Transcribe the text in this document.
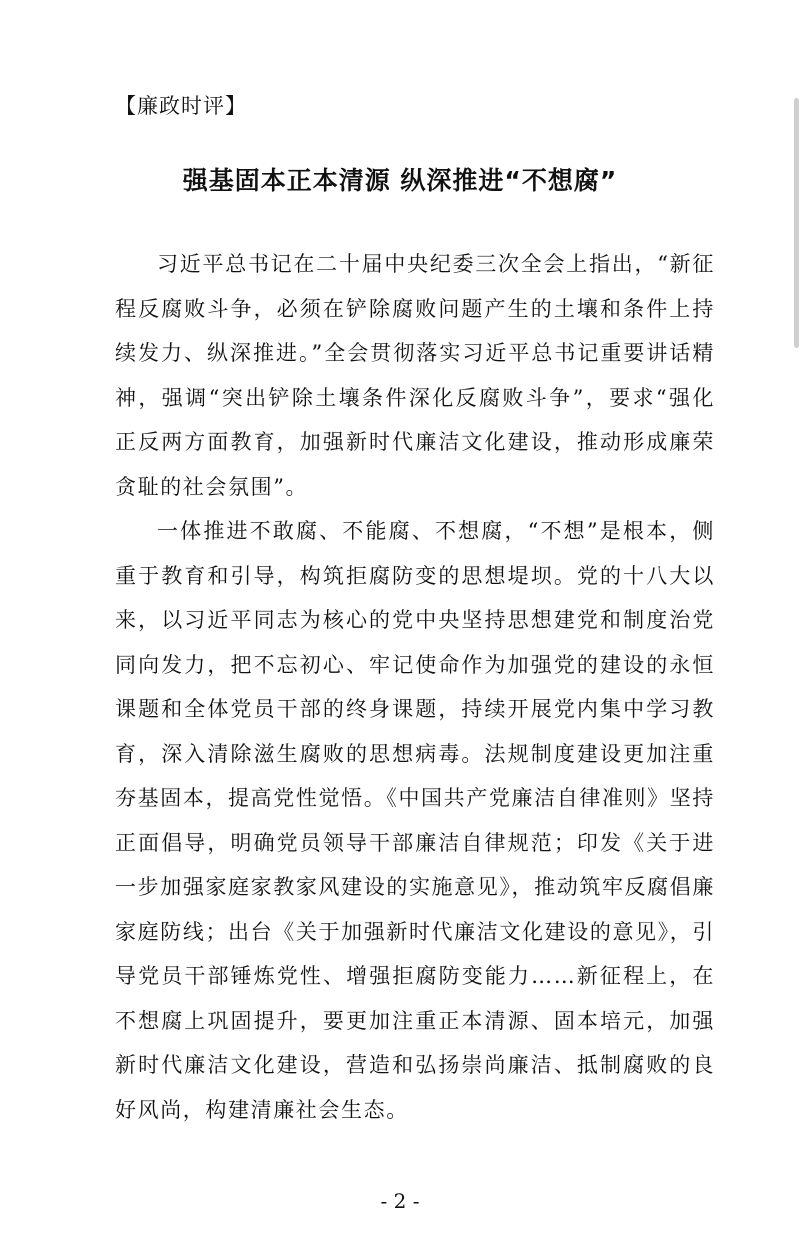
【廉政时评】
强基固本正本清源 纵深推进“不想腐”

习近平总书记在二十届中央纪委三次全会上指出，“新征程反腐败斗争，必须在铲除腐败问题产生的土壤和条件上持续发力、纵深推进。”全会贯彻落实习近平总书记重要讲话精神，强调“突出铲除土壤条件深化反腐败斗争”，要求“强化正反两方面教育，加强新时代廉洁文化建设，推动形成廉荣贪耻的社会氛围”。

一体推进不敢腐、不能腐、不想腐，“不想”是根本，侧重于教育和引导，构筑拒腐防变的思想堤坝。党的十八大以来，以习近平同志为核心的党中央坚持思想建党和制度治党同向发力，把不忘初心、牢记使命作为加强党的建设的永恒课题和全体党员干部的终身课题，持续开展党内集中学习教育，深入清除滋生腐败的思想病毒。法规制度建设更加注重夯基固本，提高党性觉悟。《中国共产党廉洁自律准则》坚持正面倡导，明确党员领导干部廉洁自律规范；印发《关于进一步加强家庭家教家风建设的实施意见》，推动筑牢反腐倡廉家庭防线；出台《关于加强新时代廉洁文化建设的意见》，引导党员干部锤炼党性、增强拒腐防变能力……新征程上，在不想腐上巩固提升，要更加注重正本清源、固本培元，加强新时代廉洁文化建设，营造和弘扬崇尚廉洁、抵制腐败的良好风尚，构建清廉社会生态。

- 2 -
